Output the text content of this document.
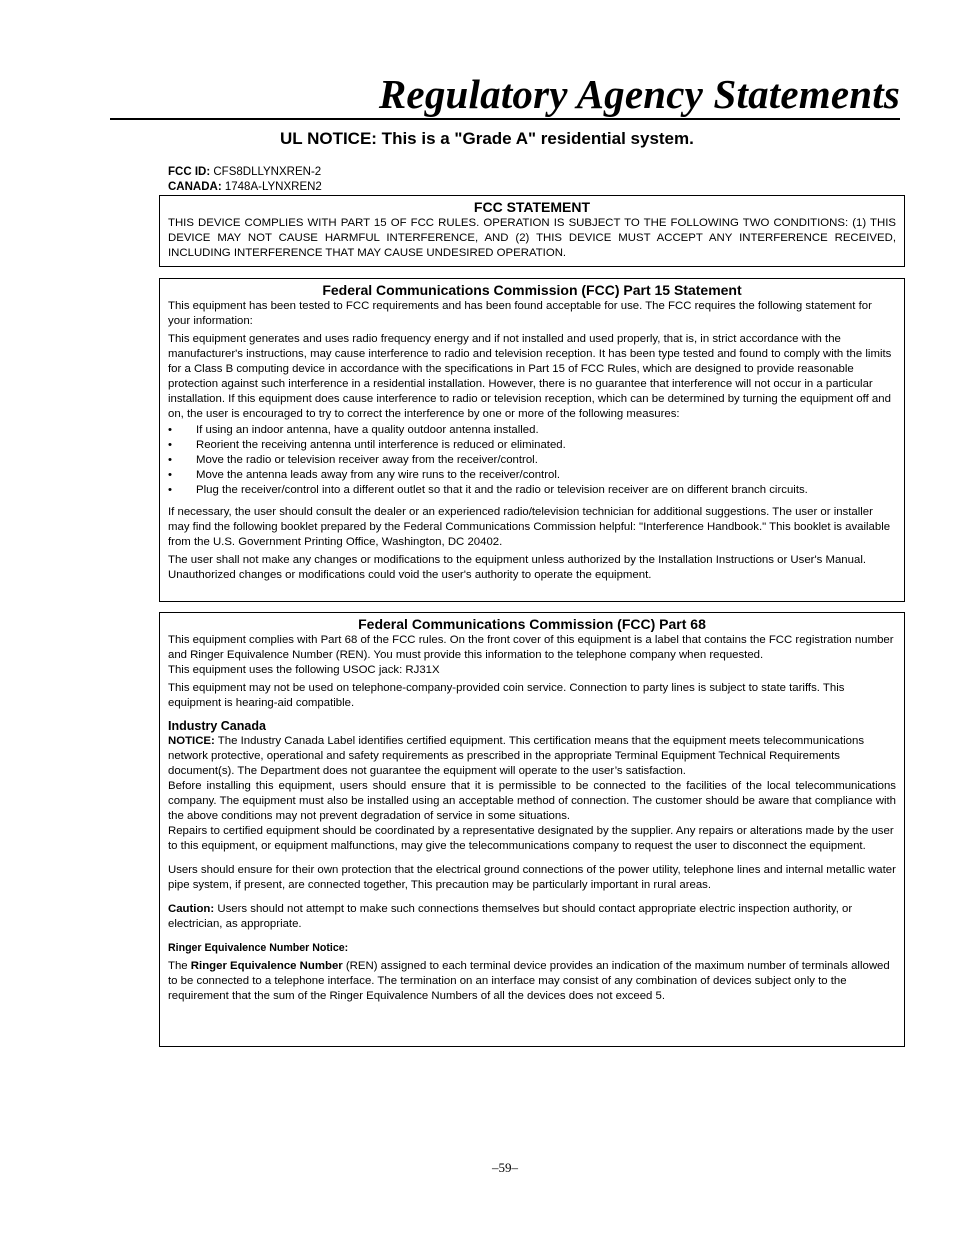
Regulatory Agency Statements
UL NOTICE: This is a "Grade A" residential system.
FCC ID: CFS8DLLYNXREN-2
CANADA: 1748A-LYNXREN2
FCC STATEMENT

THIS DEVICE COMPLIES WITH PART 15 OF FCC RULES. OPERATION IS SUBJECT TO THE FOLLOWING TWO CONDITIONS: (1) THIS DEVICE MAY NOT CAUSE HARMFUL INTERFERENCE, AND (2) THIS DEVICE MUST ACCEPT ANY INTERFERENCE RECEIVED, INCLUDING INTERFERENCE THAT MAY CAUSE UNDESIRED OPERATION.

Federal Communications Commission (FCC) Part 15 Statement

This equipment has been tested to FCC requirements and has been found acceptable for use. The FCC requires the following statement for your information:

This equipment generates and uses radio frequency energy and if not installed and used properly, that is, in strict accordance with the manufacturer's instructions, may cause interference to radio and television reception. It has been type tested and found to comply with the limits for a Class B computing device in accordance with the specifications in Part 15 of FCC Rules, which are designed to provide reasonable protection against such interference in a residential installation. However, there is no guarantee that interference will not occur in a particular installation. If this equipment does cause interference to radio or television reception, which can be determined by turning the equipment off and on, the user is encouraged to try to correct the interference by one or more of the following measures:

• If using an indoor antenna, have a quality outdoor antenna installed.
• Reorient the receiving antenna until interference is reduced or eliminated.
• Move the radio or television receiver away from the receiver/control.
• Move the antenna leads away from any wire runs to the receiver/control.
• Plug the receiver/control into a different outlet so that it and the radio or television receiver are on different branch circuits.

If necessary, the user should consult the dealer or an experienced radio/television technician for additional suggestions. The user or installer may find the following booklet prepared by the Federal Communications Commission helpful: "Interference Handbook." This booklet is available from the U.S. Government Printing Office, Washington, DC 20402.

The user shall not make any changes or modifications to the equipment unless authorized by the Installation Instructions or User's Manual. Unauthorized changes or modifications could void the user's authority to operate the equipment.

Federal Communications Commission (FCC) Part 68

This equipment complies with Part 68 of the FCC rules. On the front cover of this equipment is a label that contains the FCC registration number and Ringer Equivalence Number (REN). You must provide this information to the telephone company when requested.

This equipment uses the following USOC jack: RJ31X

This equipment may not be used on telephone-company-provided coin service. Connection to party lines is subject to state tariffs. This equipment is hearing-aid compatible.

Industry Canada

NOTICE: The Industry Canada Label identifies certified equipment. This certification means that the equipment meets telecommunications network protective, operational and safety requirements as prescribed in the appropriate Terminal Equipment Technical Requirements document(s). The Department does not guarantee the equipment will operate to the user’s satisfaction.

Before installing this equipment, users should ensure that it is permissible to be connected to the facilities of the local telecommunications company. The equipment must also be installed using an acceptable method of connection. The customer should be aware that compliance with the above conditions may not prevent degradation of service in some situations.

Repairs to certified equipment should be coordinated by a representative designated by the supplier. Any repairs or alterations made by the user to this equipment, or equipment malfunctions, may give the telecommunications company to request the user to disconnect the equipment.

Users should ensure for their own protection that the electrical ground connections of the power utility, telephone lines and internal metallic water pipe system, if present, are connected together, This precaution may be particularly important in rural areas.

Caution: Users should not attempt to make such connections themselves but should contact appropriate electric inspection authority, or electrician, as appropriate.

Ringer Equivalence Number Notice:

The Ringer Equivalence Number (REN) assigned to each terminal device provides an indication of the maximum number of terminals allowed to be connected to a telephone interface. The termination on an interface may consist of any combination of devices subject only to the requirement that the sum of the Ringer Equivalence Numbers of all the devices does not exceed 5.

–59–
